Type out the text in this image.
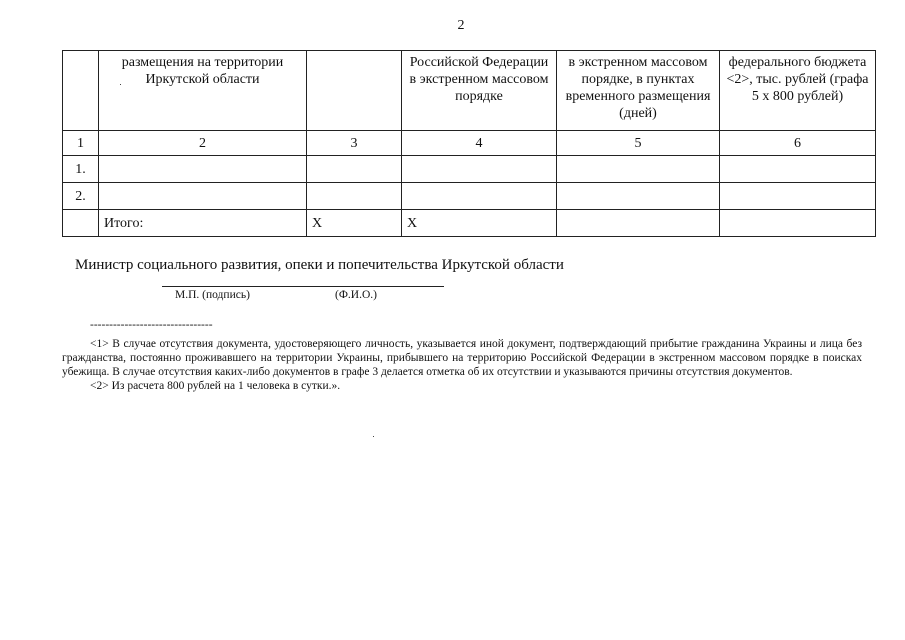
2
	размещения на территории Иркутской области		Российской Федерации в экстренном массовом порядке	в экстренном массовом порядке, в пунктах временного размещения (дней)	федерального бюджета <2>, тыс. рублей (графа 5 x 800 рублей)
1	2	3	4	5	6
1.					
2.					
	Итого:	X	X		
Министр социального развития, опеки и попечительства Иркутской области
М.П. (подпись)	(Ф.И.О.)
--------------------------------

<1> В случае отсутствия документа, удостоверяющего личность, указывается иной документ, подтверждающий прибытие гражданина Украины и лица без гражданства, постоянно проживавшего на территории Украины, прибывшего на территорию Российской Федерации в экстренном массовом порядке в поисках убежища. В случае отсутствия каких-либо документов в графе 3 делается отметка об их отсутствии и указываются причины отсутствия документов.

<2> Из расчета 800 рублей на 1 человека в сутки.».
